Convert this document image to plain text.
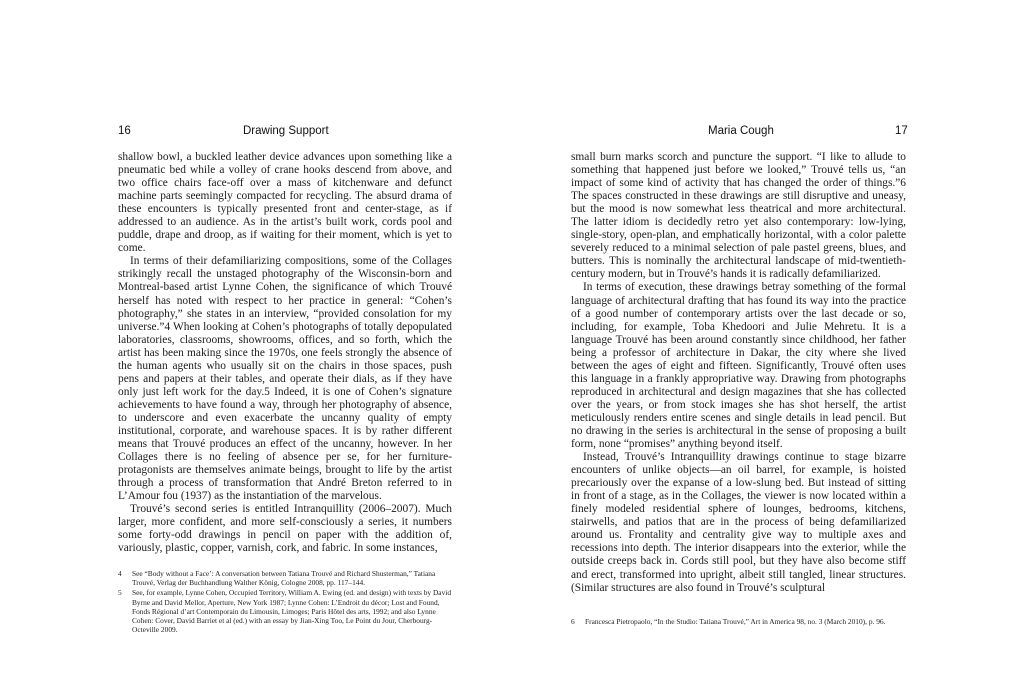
16	Drawing Support

shallow bowl, a buckled leather device advances upon something like a pneumatic bed while a volley of crane hooks descend from above, and two office chairs face-off over a mass of kitchenware and defunct machine parts seemingly compacted for recycling. The absurd drama of these encounters is typically presented front and center-stage, as if addressed to an audience. As in the artist’s built work, cords pool and puddle, drape and droop, as if waiting for their moment, which is yet to come.

In terms of their defamiliarizing compositions, some of the Collages strikingly recall the unstaged photography of the Wisconsin-born and Montreal-based artist Lynne Cohen, the significance of which Trouvé herself has noted with respect to her practice in general: “Cohen’s photography,” she states in an interview, “provided consolation for my universe.”4 When looking at Cohen’s photographs of totally depopulated laboratories, classrooms, showrooms, offices, and so forth, which the artist has been making since the 1970s, one feels strongly the absence of the human agents who usually sit on the chairs in those spaces, push pens and papers at their tables, and operate their dials, as if they have only just left work for the day.5 Indeed, it is one of Cohen’s signature achievements to have found a way, through her photography of absence, to underscore and even exacerbate the uncanny quality of empty institutional, corporate, and warehouse spaces. It is by rather different means that Trouvé produces an effect of the uncanny, however. In her Collages there is no feeling of absence per se, for her furniture-protagonists are themselves animate beings, brought to life by the artist through a process of transformation that André Breton referred to in L’Amour fou (1937) as the instantiation of the marvelous.

Trouvé’s second series is entitled Intranquillity (2006–2007). Much larger, more confident, and more self-consciously a series, it numbers some forty-odd drawings in pencil on paper with the addition of, variously, plastic, copper, varnish, cork, and fabric. In some instances,

4	See “Body without a Face’: A conversation between Tatiana Trouvé and Richard Shusterman,” Tatiana Trouvé, Verlag der Buchhandlung Walther König, Cologne 2008, pp. 117–144.
5	See, for example, Lynne Cohen, Occupied Territory, William A. Ewing (ed. and design) with texts by David Byrne and David Mellor, Aperture, New York 1987; Lynne Cohen: L’Endroit du décor; Lost and Found, Fonds Régional d’art Contemporain du Limousin, Limoges; Paris Hôtel des arts, 1992; and also Lynne Cohen: Cover, David Barriet et al (ed.) with an essay by Jian-Xing Too, Le Point du Jour, Cherbourg-Octeville 2009.
Maria Cough	17

small burn marks scorch and puncture the support. “I like to allude to something that happened just before we looked,” Trouvé tells us, “an impact of some kind of activity that has changed the order of things.”6 The spaces constructed in these drawings are still disruptive and uneasy, but the mood is now somewhat less theatrical and more architectural. The latter idiom is decidedly retro yet also contemporary: low-lying, single-story, open-plan, and emphatically horizontal, with a color palette severely reduced to a minimal selection of pale pastel greens, blues, and butters. This is nominally the architectural landscape of mid-twentieth-century modern, but in Trouvé’s hands it is radically defamiliarized.

In terms of execution, these drawings betray something of the formal language of architectural drafting that has found its way into the practice of a good number of contemporary artists over the last decade or so, including, for example, Toba Khedoori and Julie Mehretu. It is a language Trouvé has been around constantly since childhood, her father being a professor of architecture in Dakar, the city where she lived between the ages of eight and fifteen. Significantly, Trouvé often uses this language in a frankly appropriative way. Drawing from photographs reproduced in architectural and design magazines that she has collected over the years, or from stock images she has shot herself, the artist meticulously renders entire scenes and single details in lead pencil. But no drawing in the series is architectural in the sense of proposing a built form, none “promises” anything beyond itself.

Instead, Trouvé’s Intranquillity drawings continue to stage bizarre encounters of unlike objects—an oil barrel, for example, is hoisted precariously over the expanse of a low-slung bed. But instead of sitting in front of a stage, as in the Collages, the viewer is now located within a finely modeled residential sphere of lounges, bedrooms, kitchens, stairwells, and patios that are in the process of being defamiliarized around us. Frontality and centrality give way to multiple axes and recessions into depth. The interior disappears into the exterior, while the outside creeps back in. Cords still pool, but they have also become stiff and erect, transformed into upright, albeit still tangled, linear structures. (Similar structures are also found in Trouvé’s sculptural

6	Francesca Pietropaolo, “In the Studio: Tatiana Trouvé,” Art in America 98, no. 3 (March 2010), p. 96.
